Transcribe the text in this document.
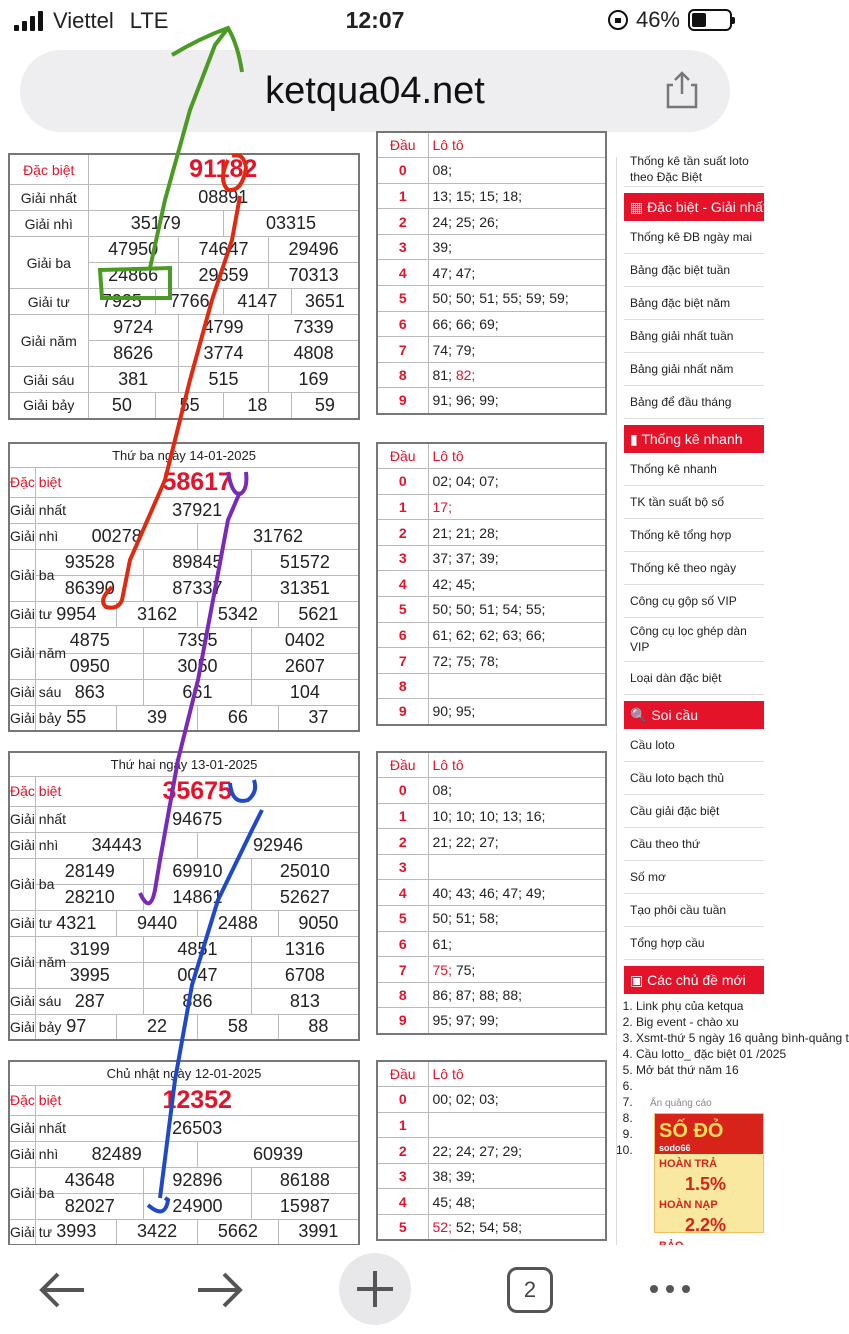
Viettel LTE	12:07	46%
ketqua04.net
Đặc biệt	91182					
Giải nhất	08891					
Giải nhì	35179			03315		
Giải ba	47950		74647		29496	
	24866		29659		70313	
Giải tư	7925	7766		4147		3651
Giải năm	9724		4799		7339	
	8626		3774		4808	
Giải sáu	381		515		169	
Giải bảy	50	55		18		59
Thứ ba ngày 14-01-2025						
Đặc biệt	58617					
Giải nhất	37921					
Giải nhì	00278			31762		
Giải ba	93528		89845		51572	
	86390		87337		31351	
Giải tư	9954	3162		5342		5621
Giải năm	4875		7395		0402	
	0950		3050		2607	
Giải sáu	863		661		104	
Giải bảy	55	39		66		37
Thứ hai ngày 13-01-2025						
Đặc biệt	35675					
Giải nhất	94675					
Giải nhì	34443			92946		
Giải ba	28149		69910		25010	
	28210		14861		52627	
Giải tư	4321	9440		2488		9050
Giải năm	3199		4851		1316	
	3995		0047		6708	
Giải sáu	287		886		813	
Giải bảy	97	22		58		88
Chủ nhật ngày 12-01-2025						
Đặc biệt	12352					
Giải nhất	26503					
Giải nhì	82489			60939		
Giải ba	43648		92896		86188	
	82027		24900		15987	
Giải tư	3993	3422		5662		3991
Đầu	Lô tô
0	08;
1	13; 15; 15; 18;
2	24; 25; 26;
3	39;
4	47; 47;
5	50; 50; 51; 55; 59; 59;
6	66; 66; 69;
7	74; 79;
8	81; 82;
9	91; 96; 99;
Đầu	Lô tô
0	02; 04; 07;
1	17;
2	21; 21; 28;
3	37; 37; 39;
4	42; 45;
5	50; 50; 51; 54; 55;
6	61; 62; 62; 63; 66;
7	72; 75; 78;
8	
9	90; 95;
Đầu	Lô tô
0	08;
1	10; 10; 10; 13; 16;
2	21; 22; 27;
3	
4	40; 43; 46; 47; 49;
5	50; 51; 58;
6	61;
7	75; 75;
8	86; 87; 88; 88;
9	95; 97; 99;
Đầu	Lô tô
0	00; 02; 03;
1	
2	22; 24; 27; 29;
3	38; 39;
4	45; 48;
5	52; 52; 54; 58;
Thống kê tần suất loto theo Đặc Biệt
▦ Đặc biệt - Giải nhất
Thống kê ĐB ngày mai
Bảng đặc biệt tuần
Bảng đặc biệt năm
Bảng giải nhất tuần
Bảng giải nhất năm
Bảng để đầu tháng
▮ Thống kê nhanh
Thống kê nhanh
TK tần suất bộ số
Thống kê tổng hợp
Thống kê theo ngày
Công cụ gộp số VIP
Công cụ lọc ghép dàn VIP
Loại dàn đặc biệt
🔍 Soi cầu
Cầu loto
Cầu loto bạch thủ
Cầu giải đặc biệt
Cầu theo thứ
Số mơ
Tạo phôi cầu tuần
Tổng hợp cầu
▣ Các chủ đề mới
1. Link phụ của ketqua
2. Big event - chào xu
3. Xsmt-thứ 5 ngày 16 quảng bình-quảng t
4. Cầu lotto_ đặc biệt 01 /2025
5. Mở bát thứ năm 16
6.
7.
8.
9.
10.
Ẩn quảng cáo
SỐ ĐỎ
sodo66
HOÀN TRẢ
1.5%
HOÀN NẠP
2.2%
2
